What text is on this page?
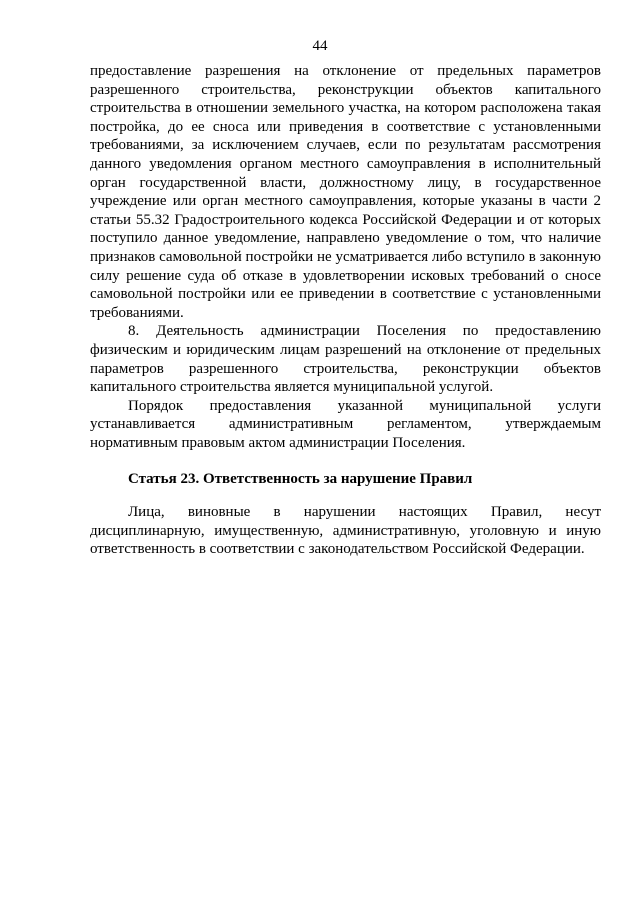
44

предоставление разрешения на отклонение от предельных параметров разрешенного строительства, реконструкции объектов капитального строительства в отношении земельного участка, на котором расположена такая постройка, до ее сноса или приведения в соответствие с установленными требованиями, за исключением случаев, если по результатам рассмотрения данного уведомления органом местного самоуправления в исполнительный орган государственной власти, должностному лицу, в государственное учреждение или орган местного самоуправления, которые указаны в части 2 статьи 55.32 Градостроительного кодекса Российской Федерации и от которых поступило данное уведомление, направлено уведомление о том, что наличие признаков самовольной постройки не усматривается либо вступило в законную силу решение суда об отказе в удовлетворении исковых требований о сносе самовольной постройки или ее приведении в соответствие с установленными требованиями.

8. Деятельность администрации Поселения по предоставлению физическим и юридическим лицам разрешений на отклонение от предельных параметров разрешенного строительства, реконструкции объектов капитального строительства является муниципальной услугой.

Порядок предоставления указанной муниципальной услуги устанавливается административным регламентом, утверждаемым нормативным правовым актом администрации Поселения.

Статья 23. Ответственность за нарушение Правил

Лица, виновные в нарушении настоящих Правил, несут дисциплинарную, имущественную, административную, уголовную и иную ответственность в соответствии с законодательством Российской Федерации.
